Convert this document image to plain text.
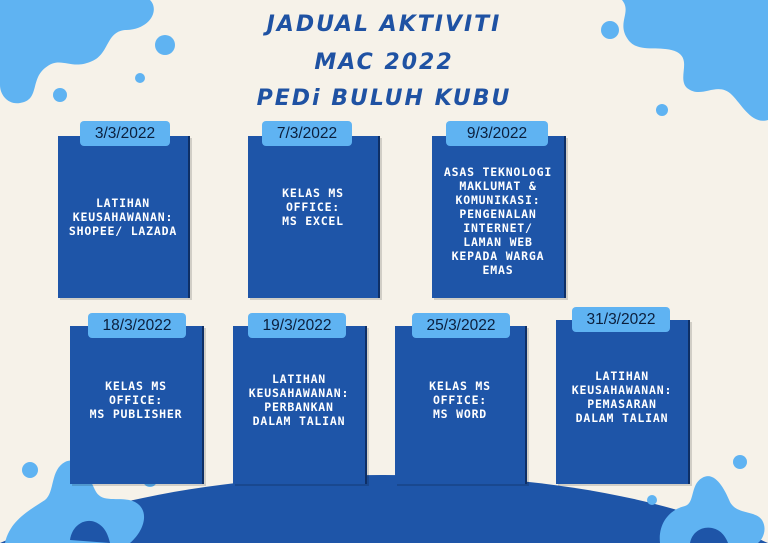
JADUAL AKTIVITI
MAC 2022
PEDi BULUH KUBU
LATIHAN
KEUSAHAWANAN:
SHOPEE/ LAZADA
3/3/2022
KELAS MS
OFFICE:
MS EXCEL
7/3/2022
ASAS TEKNOLOGI
MAKLUMAT &
KOMUNIKASI:
PENGENALAN
INTERNET/
LAMAN WEB
KEPADA WARGA
EMAS
9/3/2022
KELAS MS
OFFICE:
MS PUBLISHER
18/3/2022
LATIHAN
KEUSAHAWANAN:
PERBANKAN
DALAM TALIAN
19/3/2022
KELAS MS
OFFICE:
MS WORD
25/3/2022
LATIHAN
KEUSAHAWANAN:
PEMASARAN
DALAM TALIAN
31/3/2022
